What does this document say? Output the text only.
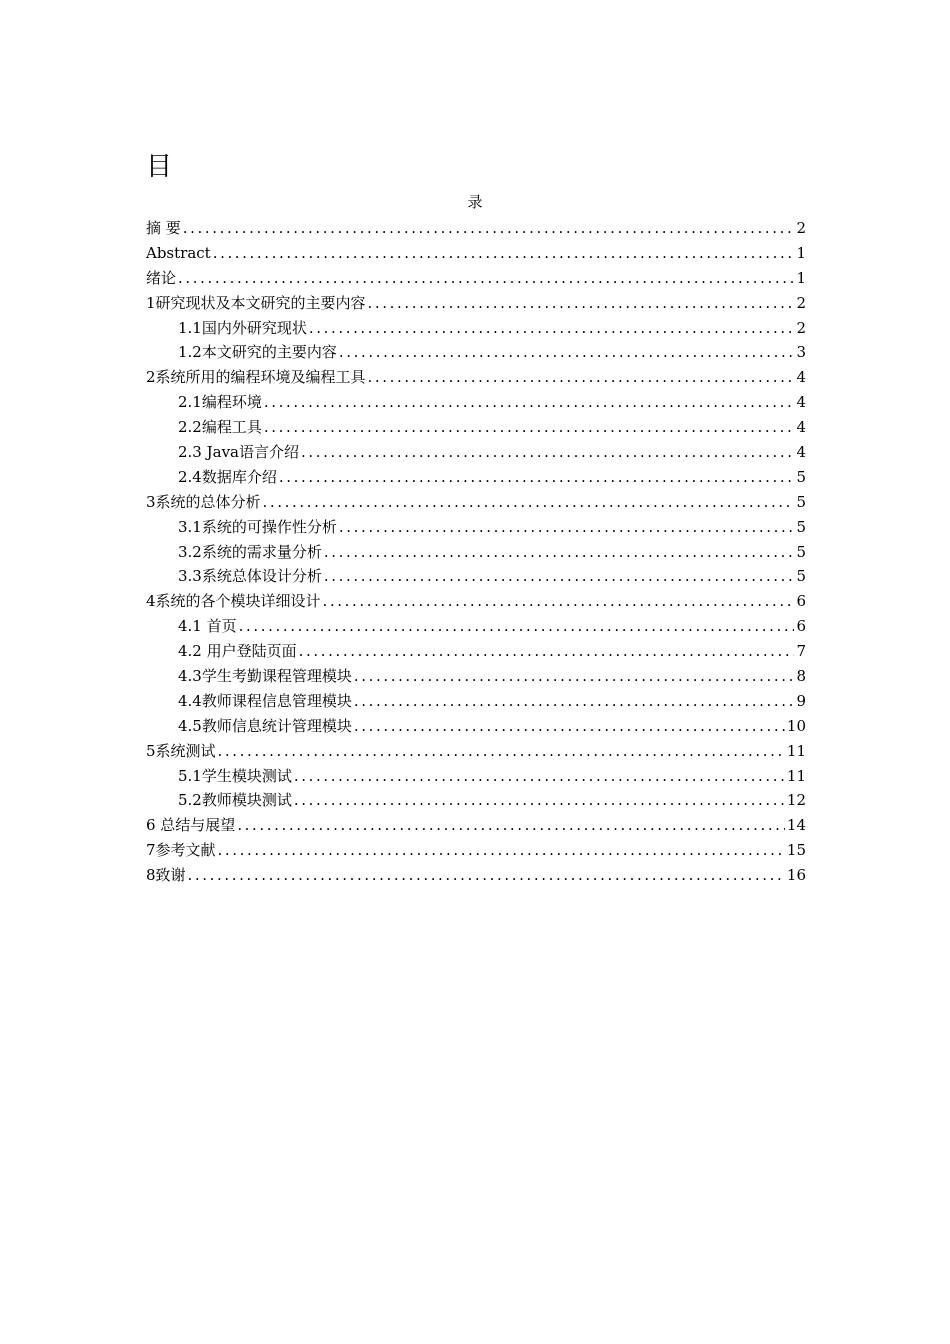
目
录
摘 要 .....	2
Abstract .....	1
绪论 .....	1
1研究现状及本文研究的主要内容 .....	2
1.1国内外研究现状 .....	2
1.2本文研究的主要内容 .....	3
2系统所用的编程环境及编程工具 .....	4
2.1编程环境 .....	4
2.2编程工具 .....	4
2.3 Java语言介绍 .....	4
2.4数据库介绍 .....	5
3系统的总体分析 .....	5
3.1系统的可操作性分析 .....	5
3.2系统的需求量分析 .....	5
3.3系统总体设计分析 .....	5
4系统的各个模块详细设计 .....	6
4.1 首页 .....	6
4.2 用户登陆页面 .....	7
4.3学生考勤课程管理模块 .....	8
4.4教师课程信息管理模块 .....	9
4.5教师信息统计管理模块 .....	10
5系统测试 .....	11
5.1学生模块测试 .....	11
5.2教师模块测试 .....	12
6 总结与展望 .....	14
7参考文献 .....	15
8致谢 .....	16
